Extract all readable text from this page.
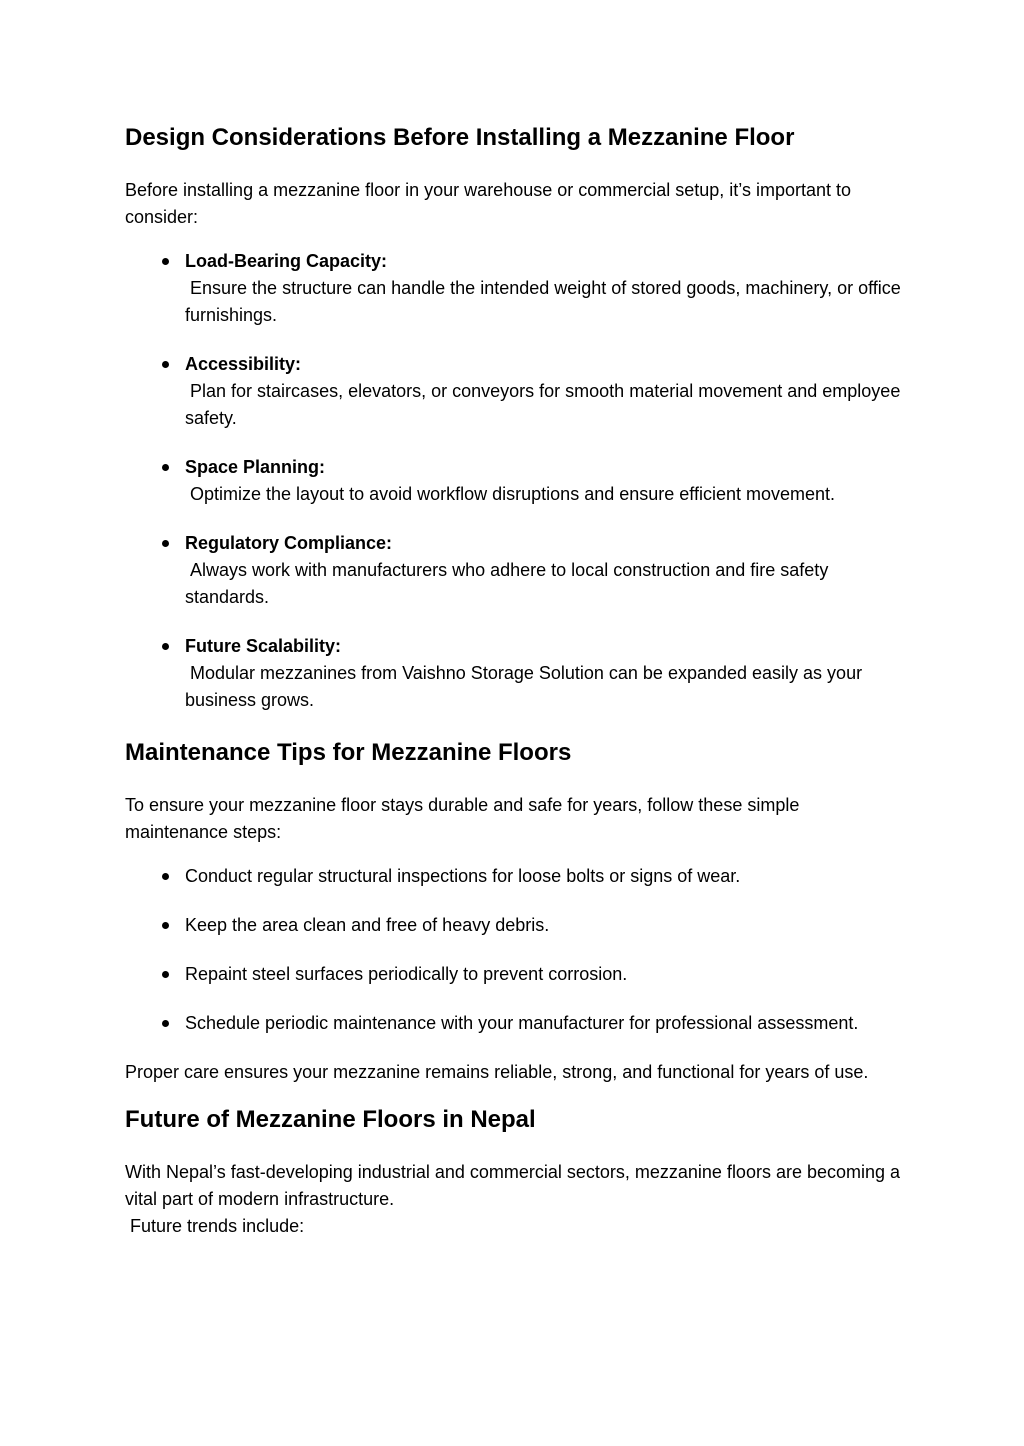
Design Considerations Before Installing a Mezzanine Floor

Before installing a mezzanine floor in your warehouse or commercial setup, it’s important to consider:

Load-Bearing Capacity:
Ensure the structure can handle the intended weight of stored goods, machinery, or office furnishings.
Accessibility:
Plan for staircases, elevators, or conveyors for smooth material movement and employee safety.
Space Planning:
Optimize the layout to avoid workflow disruptions and ensure efficient movement.
Regulatory Compliance:
Always work with manufacturers who adhere to local construction and fire safety standards.
Future Scalability:
Modular mezzanines from Vaishno Storage Solution can be expanded easily as your business grows.
Maintenance Tips for Mezzanine Floors

To ensure your mezzanine floor stays durable and safe for years, follow these simple maintenance steps:

Conduct regular structural inspections for loose bolts or signs of wear.
Keep the area clean and free of heavy debris.
Repaint steel surfaces periodically to prevent corrosion.
Schedule periodic maintenance with your manufacturer for professional assessment.

Proper care ensures your mezzanine remains reliable, strong, and functional for years of use.

Future of Mezzanine Floors in Nepal

With Nepal’s fast-developing industrial and commercial sectors, mezzanine floors are becoming a vital part of modern infrastructure.
Future trends include:
